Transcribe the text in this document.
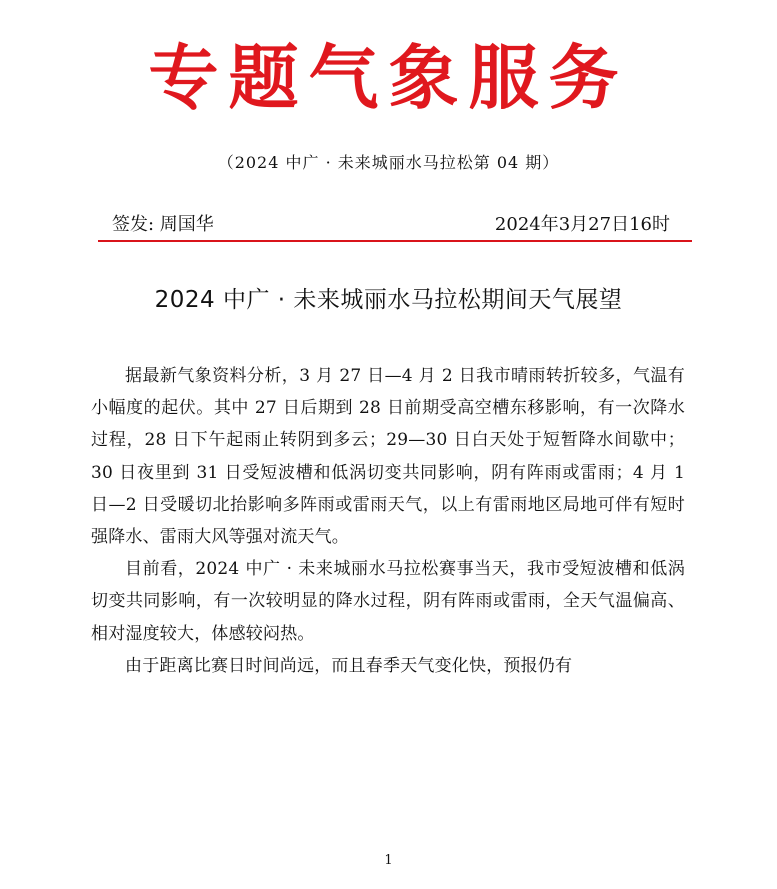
专题气象服务
（2024 中广 · 未来城丽水马拉松第 04 期）
签发: 周国华	2024年3月27日16时
2024 中广 · 未来城丽水马拉松期间天气展望

据最新气象资料分析，3 月 27 日—4 月 2 日我市晴雨转折较多，气温有小幅度的起伏。其中 27 日后期到 28 日前期受高空槽东移影响，有一次降水过程，28 日下午起雨止转阴到多云；29—30 日白天处于短暂降水间歇中；30 日夜里到 31 日受短波槽和低涡切变共同影响，阴有阵雨或雷雨；4 月 1 日—2 日受暖切北抬影响多阵雨或雷雨天气，以上有雷雨地区局地可伴有短时强降水、雷雨大风等强对流天气。

目前看，2024 中广 · 未来城丽水马拉松赛事当天，我市受短波槽和低涡切变共同影响，有一次较明显的降水过程，阴有阵雨或雷雨，全天气温偏高、相对湿度较大，体感较闷热。

由于距离比赛日时间尚远，而且春季天气变化快，预报仍有

1
